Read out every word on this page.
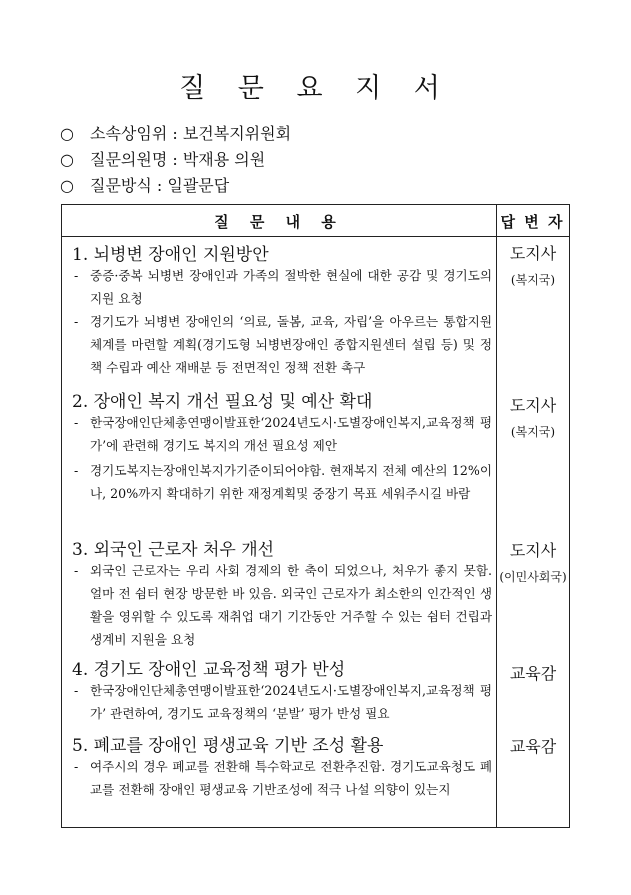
질 문 요 지 서
○ 소속상임위 : 보건복지위원회
○ 질문의원명 : 박재용 의원
○ 질문방식 : 일괄문답
질 문 내 용	답 변 자
1. 뇌병변 장애인 지원방안
- 중증·중복 뇌병변 장애인과 가족의 절박한 현실에 대한 공감 및 경기도의 지원 요청
- 경기도가 뇌병변 장애인의 ‘의료, 돌봄, 교육, 자립’을 아우르는 통합지원체계를 마련할 계획(경기도형 뇌병변장애인 종합지원센터 설립 등) 및 정책 수립과 예산 재배분 등 전면적인 정책 전환 촉구
2. 장애인 복지 개선 필요성 및 예산 확대
- 한국장애인단체총연맹이발표한‘2024년도시·도별장애인복지,교육정책 평가’에 관련해 경기도 복지의 개선 필요성 제안
- 경기도복지는장애인복지가기준이되어야함. 현재복지 전체 예산의 12%이나, 20%까지 확대하기 위한 재정계획및 중장기 목표 세워주시길 바람
3. 외국인 근로자 처우 개선
- 외국인 근로자는 우리 사회 경제의 한 축이 되었으나, 처우가 좋지 못함. 얼마 전 쉼터 현장 방문한 바 있음. 외국인 근로자가 최소한의 인간적인 생활을 영위할 수 있도록 재취업 대기 기간동안 거주할 수 있는 쉼터 건립과 생계비 지원을 요청
4. 경기도 장애인 교육정책 평가 반성
- 한국장애인단체총연맹이발표한‘2024년도시·도별장애인복지,교육정책 평가’ 관련하여, 경기도 교육정책의 ‘분발’ 평가 반성 필요
5. 폐교를 장애인 평생교육 기반 조성 활용
- 여주시의 경우 폐교를 전환해 특수학교로 전환추진함. 경기도교육청도 폐교를 전환해 장애인 평생교육 기반조성에 적극 나설 의향이 있는지
도지사
(복지국)
도지사
(복지국)
도지사
(이민사회국)
교육감
교육감
